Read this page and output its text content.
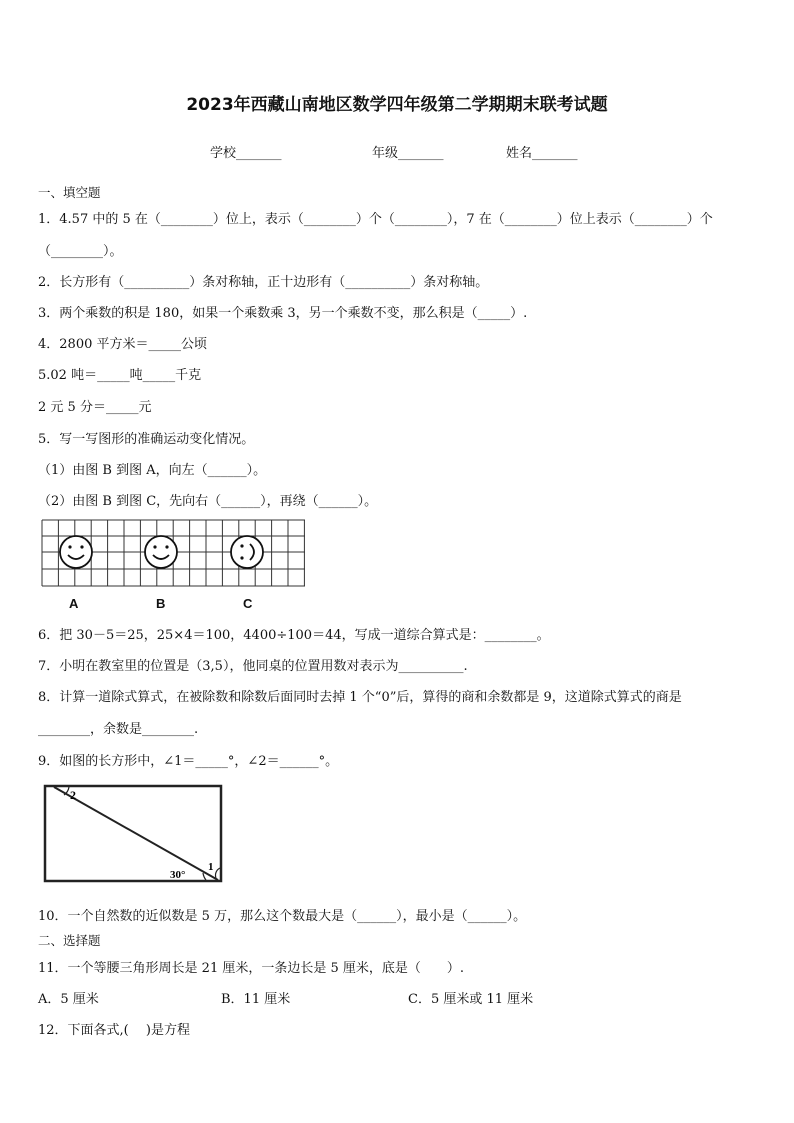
2023年西藏山南地区数学四年级第二学期期末联考试题
学校_______	年级_______	姓名_______
一、填空题
1．4.57 中的 5 在（________）位上，表示（________）个（________），7 在（________）位上表示（________）个
（________）。
2．长方形有（__________）条对称轴，正十边形有（__________）条对称轴。
3．两个乘数的积是 180，如果一个乘数乘 3，另一个乘数不变，那么积是（_____）.
4．2800 平方米＝_____公顷
5.02 吨＝_____吨_____千克
2 元 5 分＝_____元
5．写一写图形的准确运动变化情况。
（1）由图 B 到图 A，向左（______）。
（2）由图 B 到图 C，先向右（______），再绕（______）。
A	B	C
6．把 30－5＝25，25×4＝100，4400÷100＝44，写成一道综合算式是：________。
7．小明在教室里的位置是（3,5），他同桌的位置用数对表示为__________.
8．计算一道除式算式，在被除数和除数后面同时去掉 1 个“0”后，算得的商和余数都是 9，这道除式算式的商是
________，余数是________.
9．如图的长方形中，∠1＝_____°，∠2＝______°。
2
1
30°
10．一个自然数的近似数是 5 万，那么这个数最大是（______），最小是（______）。
二、选择题
11．一个等腰三角形周长是 21 厘米，一条边长是 5 厘米，底是（　　）.
A．5 厘米	B．11 厘米	C．5 厘米或 11 厘米
12．下面各式,(　 )是方程
